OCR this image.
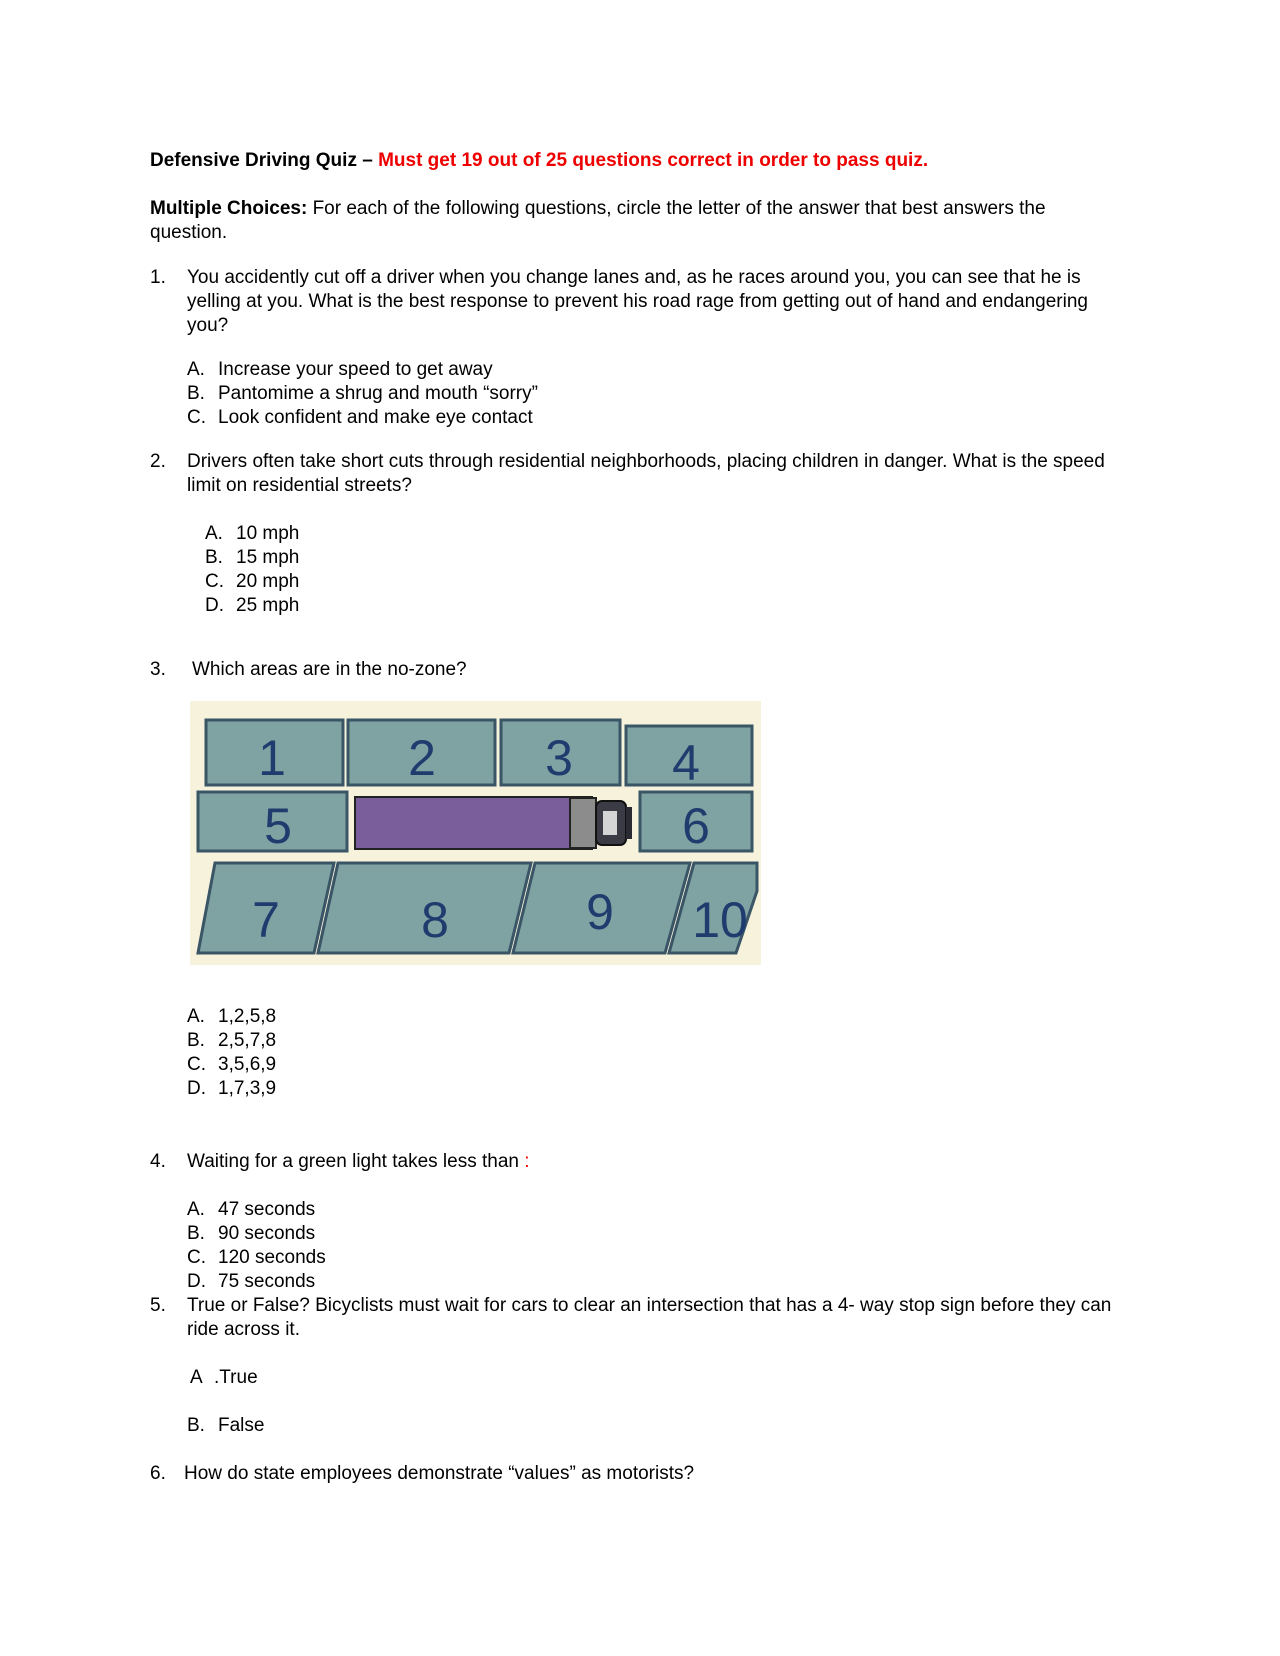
Defensive Driving Quiz – Must get 19 out of 25 questions correct in order to pass quiz.
Multiple Choices: For each of the following questions, circle the letter of the answer that best answers the question.
1. You accidently cut off a driver when you change lanes and, as he races around you, you can see that he is yelling at you. What is the best response to prevent his road rage from getting out of hand and endangering you?
A. Increase your speed to get away
B. Pantomime a shrug and mouth “sorry”
C. Look confident and make eye contact
2. Drivers often take short cuts through residential neighborhoods, placing children in danger. What is the speed limit on residential streets?
A. 10 mph
B. 15 mph
C. 20 mph
D. 25 mph
3. Which areas are in the no-zone?
1 2 3 4
5	6
7	8	9 10
A. 1,2,5,8
B. 2,5,7,8
C. 3,5,6,9
D. 1,7,3,9
4. Waiting for a green light takes less than :
A. 47 seconds
B. 90 seconds
C. 120 seconds
D. 75 seconds
5. True or False? Bicyclists must wait for cars to clear an intersection that has a 4- way stop sign before they can ride across it.
A .True
B. False
6. How do state employees demonstrate “values” as motorists?
